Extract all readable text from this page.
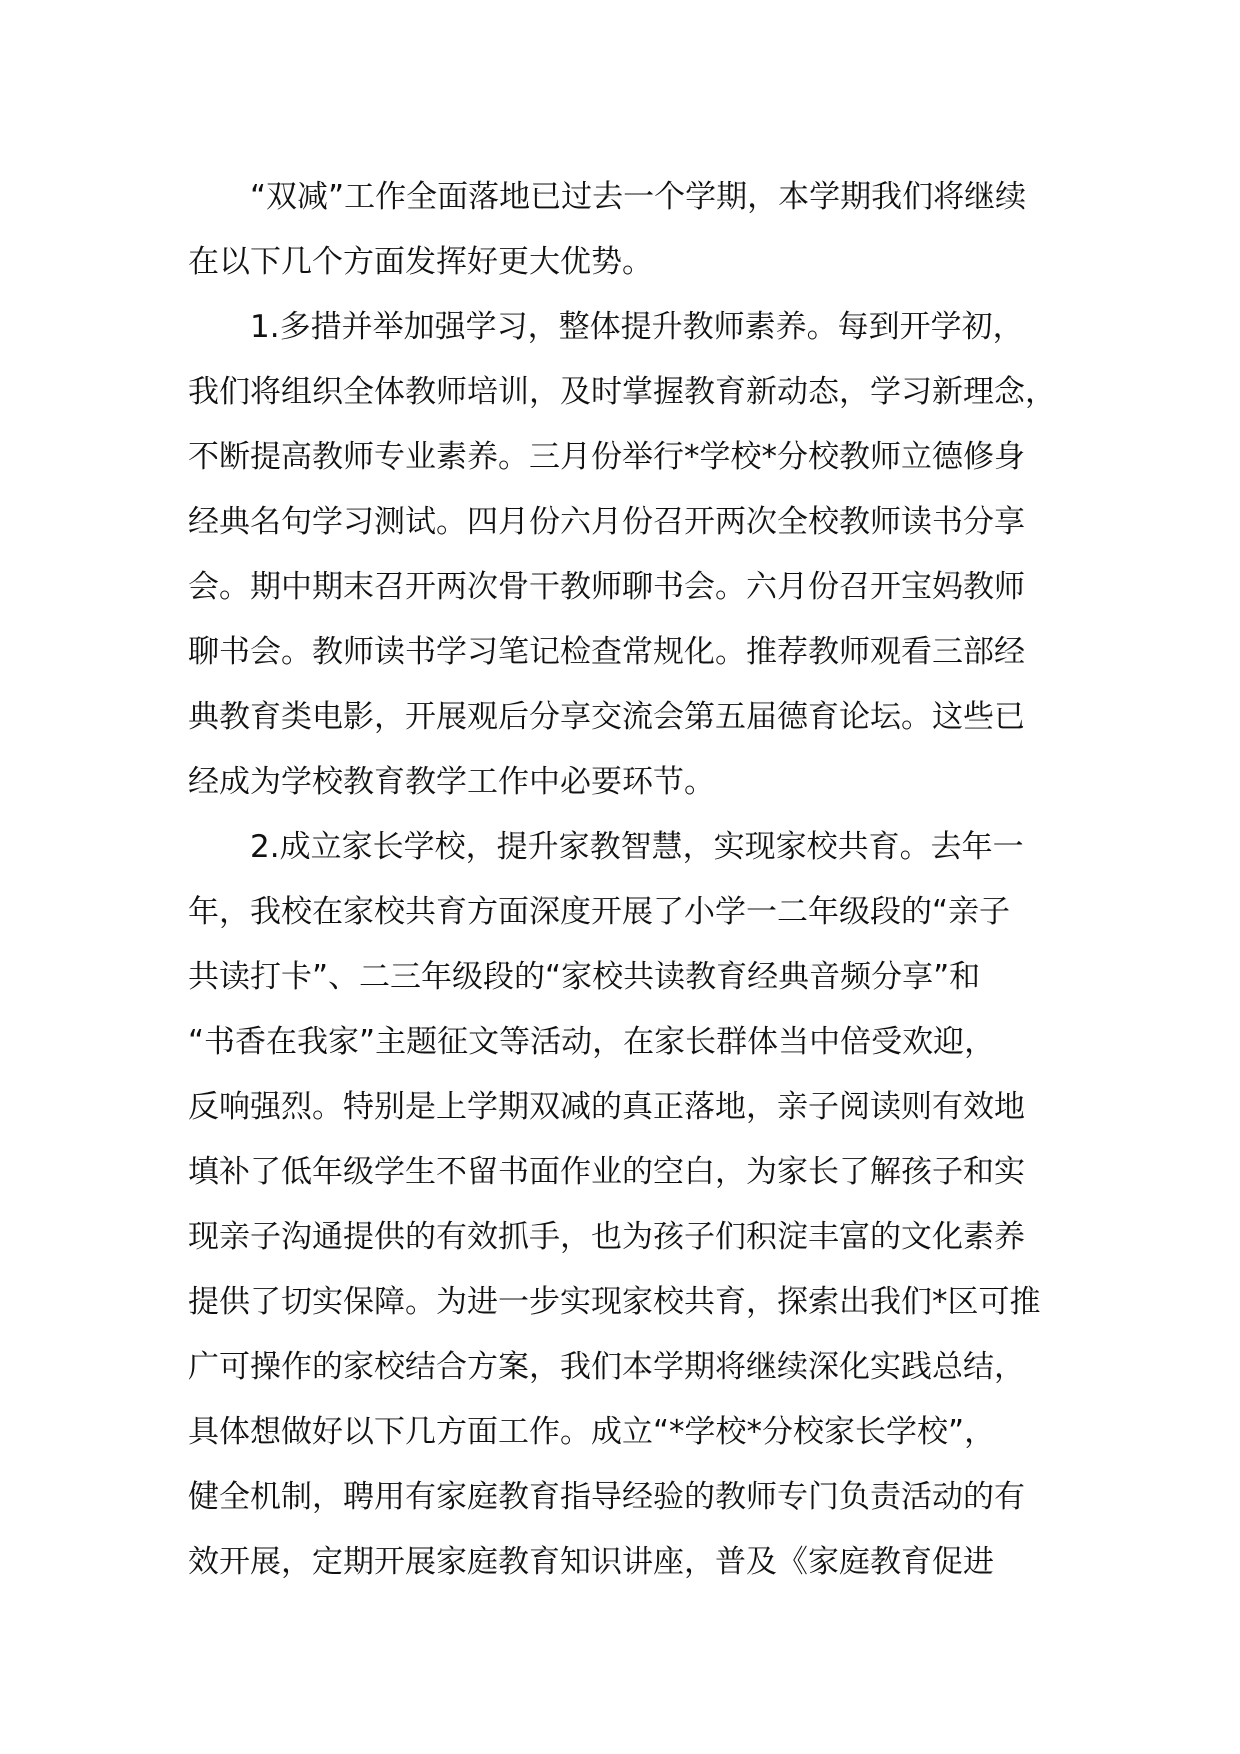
　　“双减”工作全面落地已过去一个学期，本学期我们将继续
在以下几个方面发挥好更大优势。
　　1.多措并举加强学习，整体提升教师素养。每到开学初，
我们将组织全体教师培训，及时掌握教育新动态，学习新理念，
不断提高教师专业素养。三月份举行*学校*分校教师立德修身
经典名句学习测试。四月份六月份召开两次全校教师读书分享
会。期中期末召开两次骨干教师聊书会。六月份召开宝妈教师
聊书会。教师读书学习笔记检查常规化。推荐教师观看三部经
典教育类电影，开展观后分享交流会第五届德育论坛。这些已
经成为学校教育教学工作中必要环节。
　　2.成立家长学校，提升家教智慧，实现家校共育。去年一
年，我校在家校共育方面深度开展了小学一二年级段的“亲子
共读打卡”、二三年级段的“家校共读教育经典音频分享”和
“书香在我家”主题征文等活动，在家长群体当中倍受欢迎，
反响强烈。特别是上学期双减的真正落地，亲子阅读则有效地
填补了低年级学生不留书面作业的空白，为家长了解孩子和实
现亲子沟通提供的有效抓手，也为孩子们积淀丰富的文化素养
提供了切实保障。为进一步实现家校共育，探索出我们*区可推
广可操作的家校结合方案，我们本学期将继续深化实践总结，
具体想做好以下几方面工作。成立“*学校*分校家长学校”，
健全机制，聘用有家庭教育指导经验的教师专门负责活动的有
效开展，定期开展家庭教育知识讲座，普及《家庭教育促进
